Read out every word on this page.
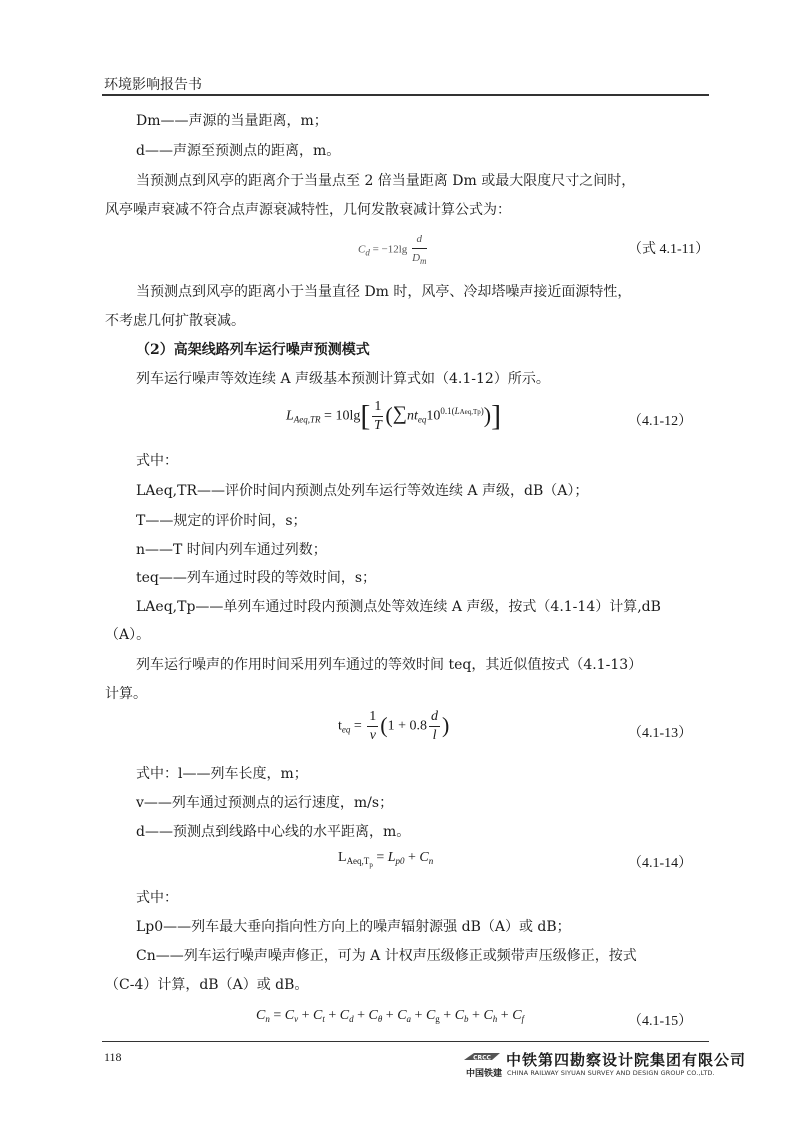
环境影响报告书
Dm——声源的当量距离，m；
d——声源至预测点的距离，m。
当预测点到风亭的距离介于当量点至 2 倍当量距离 Dm 或最大限度尺寸之间时，
风亭噪声衰减不符合点声源衰减特性，几何发散衰减计算公式为：
$C_d = -12\lg \frac{d}{D_m}$	（式 4.1-11）
当预测点到风亭的距离小于当量直径 Dm 时，风亭、冷却塔噪声接近面源特性，
不考虑几何扩散衰减。
（2）高架线路列车运行噪声预测模式
列车运行噪声等效连续 A 声级基本预测计算式如（4.1-12）所示。
$L_{Aeq,TR} = 10\lg[ \frac{1}{T} (\sum nt_{eq}10^{0.1(LAeq,Tp)})]$	（4.1-12）
式中：
LAeq,TR——评价时间内预测点处列车运行等效连续 A 声级，dB（A）；
T——规定的评价时间，s；
n——T 时间内列车通过列数；
teq——列车通过时段的等效时间，s；
LAeq,Tp——单列车通过时段内预测点处等效连续 A 声级，按式（4.1-14）计算,dB
（A）。
列车运行噪声的作用时间采用列车通过的等效时间 teq，其近似值按式（4.1-13）
计算。
$t_{eq} = \frac{1}{v} (1 + 0.8 \frac{d}{l}$ )	（4.1-13）
式中：l——列车长度，m；
v——列车通过预测点的运行速度，m/s；
d——预测点到线路中心线的水平距离，m。
$L_{Aeq,T_p} = L_{p0} + C_n$	（4.1-14）
式中：
Lp0——列车最大垂向指向性方向上的噪声辐射源强 dB（A）或 dB；
Cn——列车运行噪声噪声修正，可为 A 计权声压级修正或频带声压级修正，按式
（C-4）计算，dB（A）或 dB。
$C_n = C_v + C_t + C_d + C_\theta + C_a + C_g + C_b + C_h + C_f$	（4.1-15）
118	CRCC
中国铁建
中铁第四勘察设计院集团有限公司
CHINA RAILWAY SIYUAN SURVEY AND DESIGN GROUP CO.,LTD.
